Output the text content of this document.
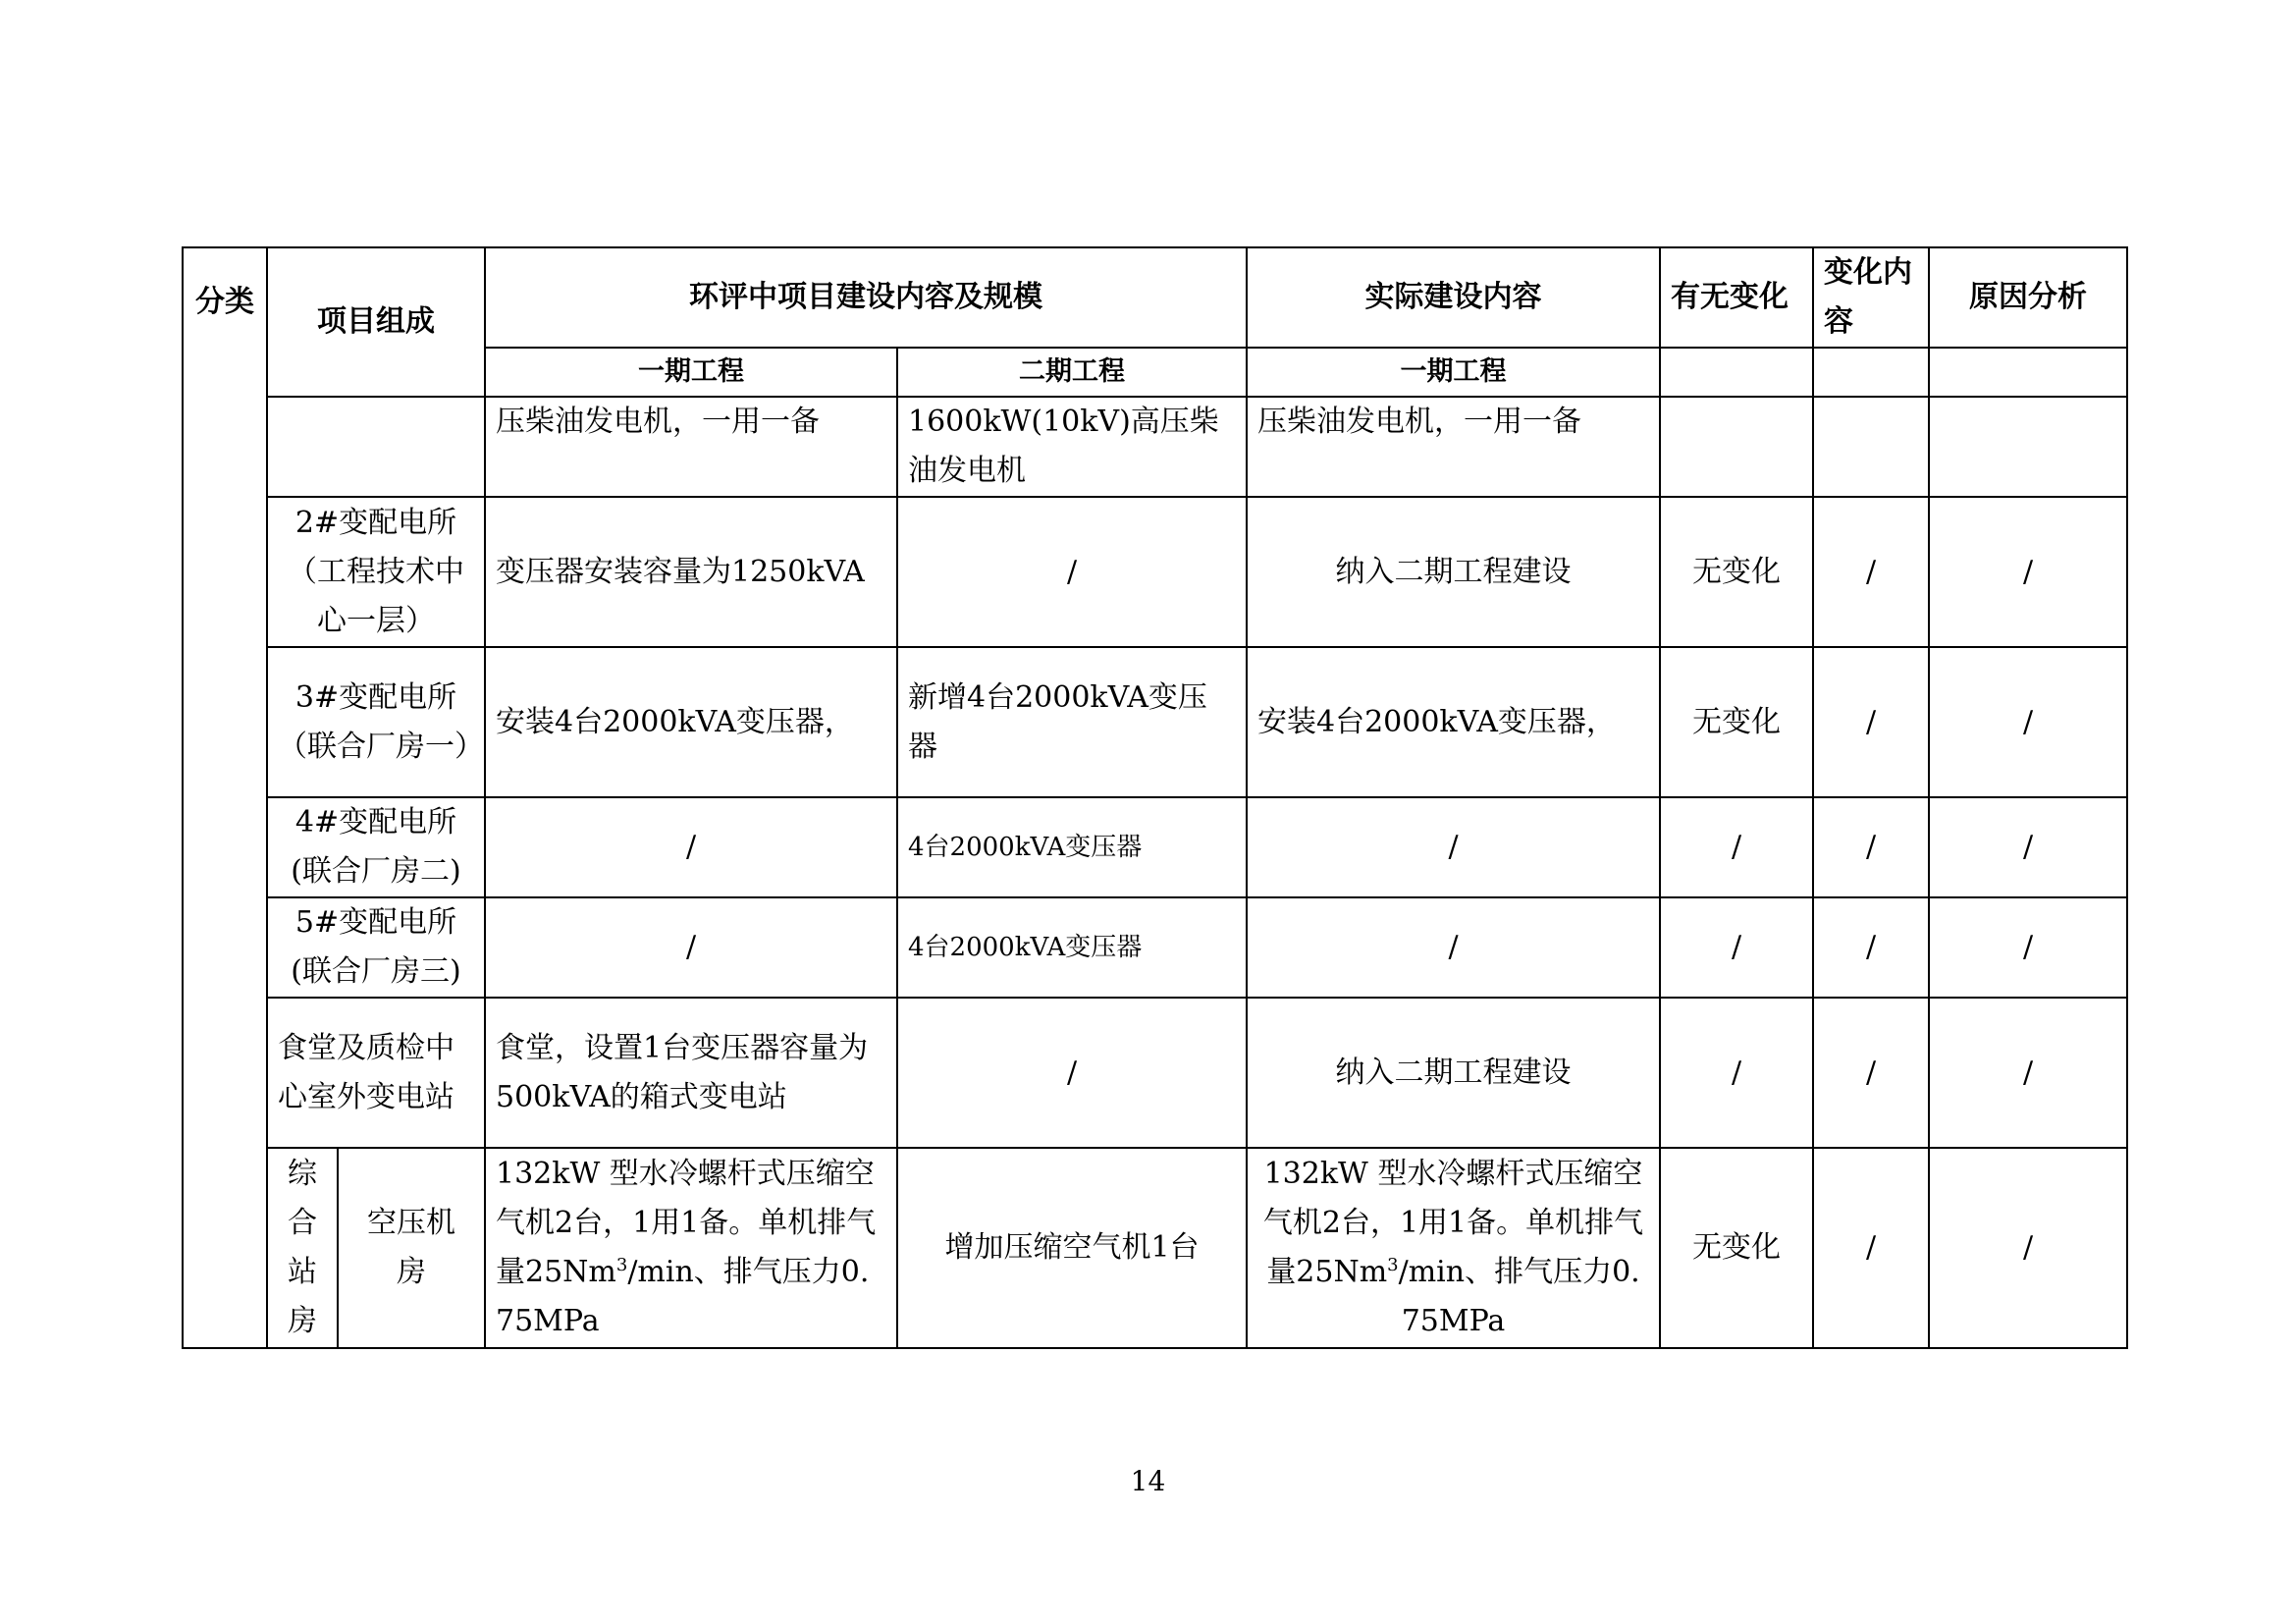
分类	项目组成		环评中项目建设内容及规模		实际建设内容	有无变化	变化内容	原因分析
			一期工程	二期工程	一期工程			
			压柴油发电机，一用一备	1600kW(10kV)高压柴油发电机	压柴油发电机，一用一备			
	2#变配电所（工程技术中心一层）		变压器安装容量为1250kVA	/	纳入二期工程建设	无变化	/	/
	3#变配电所（联合厂房一）		安装4台2000kVA变压器，	新增4台2000kVA变压器	安装4台2000kVA变压器，	无变化	/	/
	4#变配电所(联合厂房二)		/	4台2000kVA变压器	/	/	/	/
	5#变配电所(联合厂房三)		/	4台2000kVA变压器	/	/	/	/
	食堂及质检中心室外变电站		食堂，设置1台变压器容量为500kVA的箱式变电站	/	纳入二期工程建设	/	/	/
	综合站房	空压机房	132kW 型水冷螺杆式压缩空气机2台，1用1备。单机排气量25Nm$^3$/min、排气压力0.75MPa	增加压缩空气机1台	132kW 型水冷螺杆式压缩空气机2台，1用1备。单机排气量25Nm$^3$/min、排气压力0.75MPa	无变化	/	/
14
